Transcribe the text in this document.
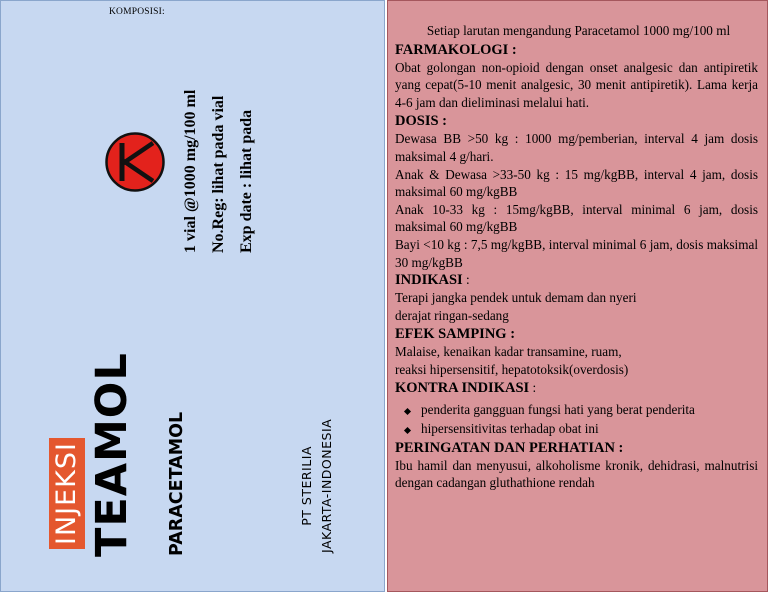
KOMPOSISI:
1 vial @1000 mg/100 ml No.Reg: lihat pada vial Exp date : lihat pada
INJEKSI TEAMOL PARACETAMOL	PT STERILIA JAKARTA-INDONESIA
Setiap larutan mengandung Paracetamol 1000 mg/100 ml
FARMAKOLOGI :
Obat golongan non-opioid dengan onset analgesic dan antipiretik yang cepat(5-10 menit analgesic, 30 menit antipiretik). Lama kerja 4-6 jam dan dieliminasi melalui hati.
DOSIS :
Dewasa BB >50 kg : 1000 mg/pemberian, interval 4 jam dosis maksimal 4 g/hari.
Anak & Dewasa >33-50 kg : 15 mg/kgBB, interval 4 jam, dosis maksimal 60 mg/kgBB
Anak 10-33 kg : 15mg/kgBB, interval minimal 6 jam, dosis maksimal 60 mg/kgBB
Bayi <10 kg : 7,5 mg/kgBB, interval minimal 6 jam, dosis maksimal 30 mg/kgBB
INDIKASI :
Terapi jangka pendek untuk demam dan nyeri
derajat ringan-sedang
EFEK SAMPING :
Malaise, kenaikan kadar transamine, ruam,
reaksi hipersensitif, hepatotoksik(overdosis)
KONTRA INDIKASI :
penderita gangguan fungsi hati yang berat penderita
hipersensitivitas terhadap obat ini
PERINGATAN DAN PERHATIAN :
Ibu hamil dan menyusui, alkoholisme kronik, dehidrasi, malnutrisi dengan cadangan gluthathione rendah
